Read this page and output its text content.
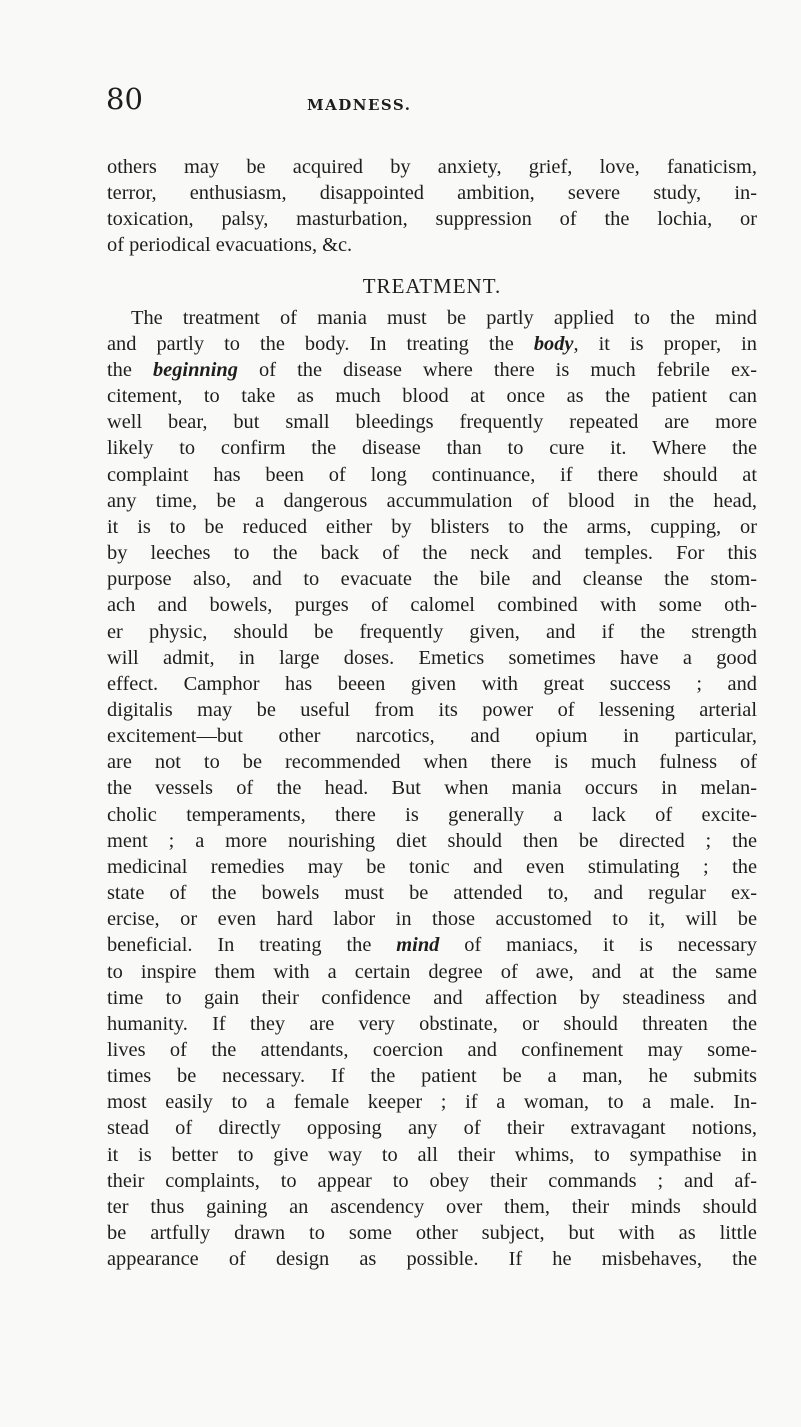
80	MADNESS.

others may be acquired by anxiety, grief, love, fanaticism,
terror, enthusiasm, disappointed ambition, severe study, in-
toxication, palsy, masturbation, suppression of the lochia, or
of periodical evacuations, &c.

TREATMENT.

The treatment of mania must be partly applied to the mind
and partly to the body. In treating the body, it is proper, in
the beginning of the disease where there is much febrile ex-
citement, to take as much blood at once as the patient can
well bear, but small bleedings frequently repeated are more
likely to confirm the disease than to cure it. Where the
complaint has been of long continuance, if there should at
any time, be a dangerous accummulation of blood in the head,
it is to be reduced either by blisters to the arms, cupping, or
by leeches to the back of the neck and temples. For this
purpose also, and to evacuate the bile and cleanse the stom-
ach and bowels, purges of calomel combined with some oth-
er physic, should be frequently given, and if the strength
will admit, in large doses. Emetics sometimes have a good
effect. Camphor has beeen given with great success ; and
digitalis may be useful from its power of lessening arterial
excitement—but other narcotics, and opium in particular,
are not to be recommended when there is much fulness of
the vessels of the head. But when mania occurs in melan-
cholic temperaments, there is generally a lack of excite-
ment ; a more nourishing diet should then be directed ; the
medicinal remedies may be tonic and even stimulating ; the
state of the bowels must be attended to, and regular ex-
ercise, or even hard labor in those accustomed to it, will be
beneficial. In treating the mind of maniacs, it is necessary
to inspire them with a certain degree of awe, and at the same
time to gain their confidence and affection by steadiness and
humanity. If they are very obstinate, or should threaten the
lives of the attendants, coercion and confinement may some-
times be necessary. If the patient be a man, he submits
most easily to a female keeper ; if a woman, to a male. In-
stead of directly opposing any of their extravagant notions,
it is better to give way to all their whims, to sympathise in
their complaints, to appear to obey their commands ; and af-
ter thus gaining an ascendency over them, their minds should
be artfully drawn to some other subject, but with as little
appearance of design as possible. If he misbehaves, the
